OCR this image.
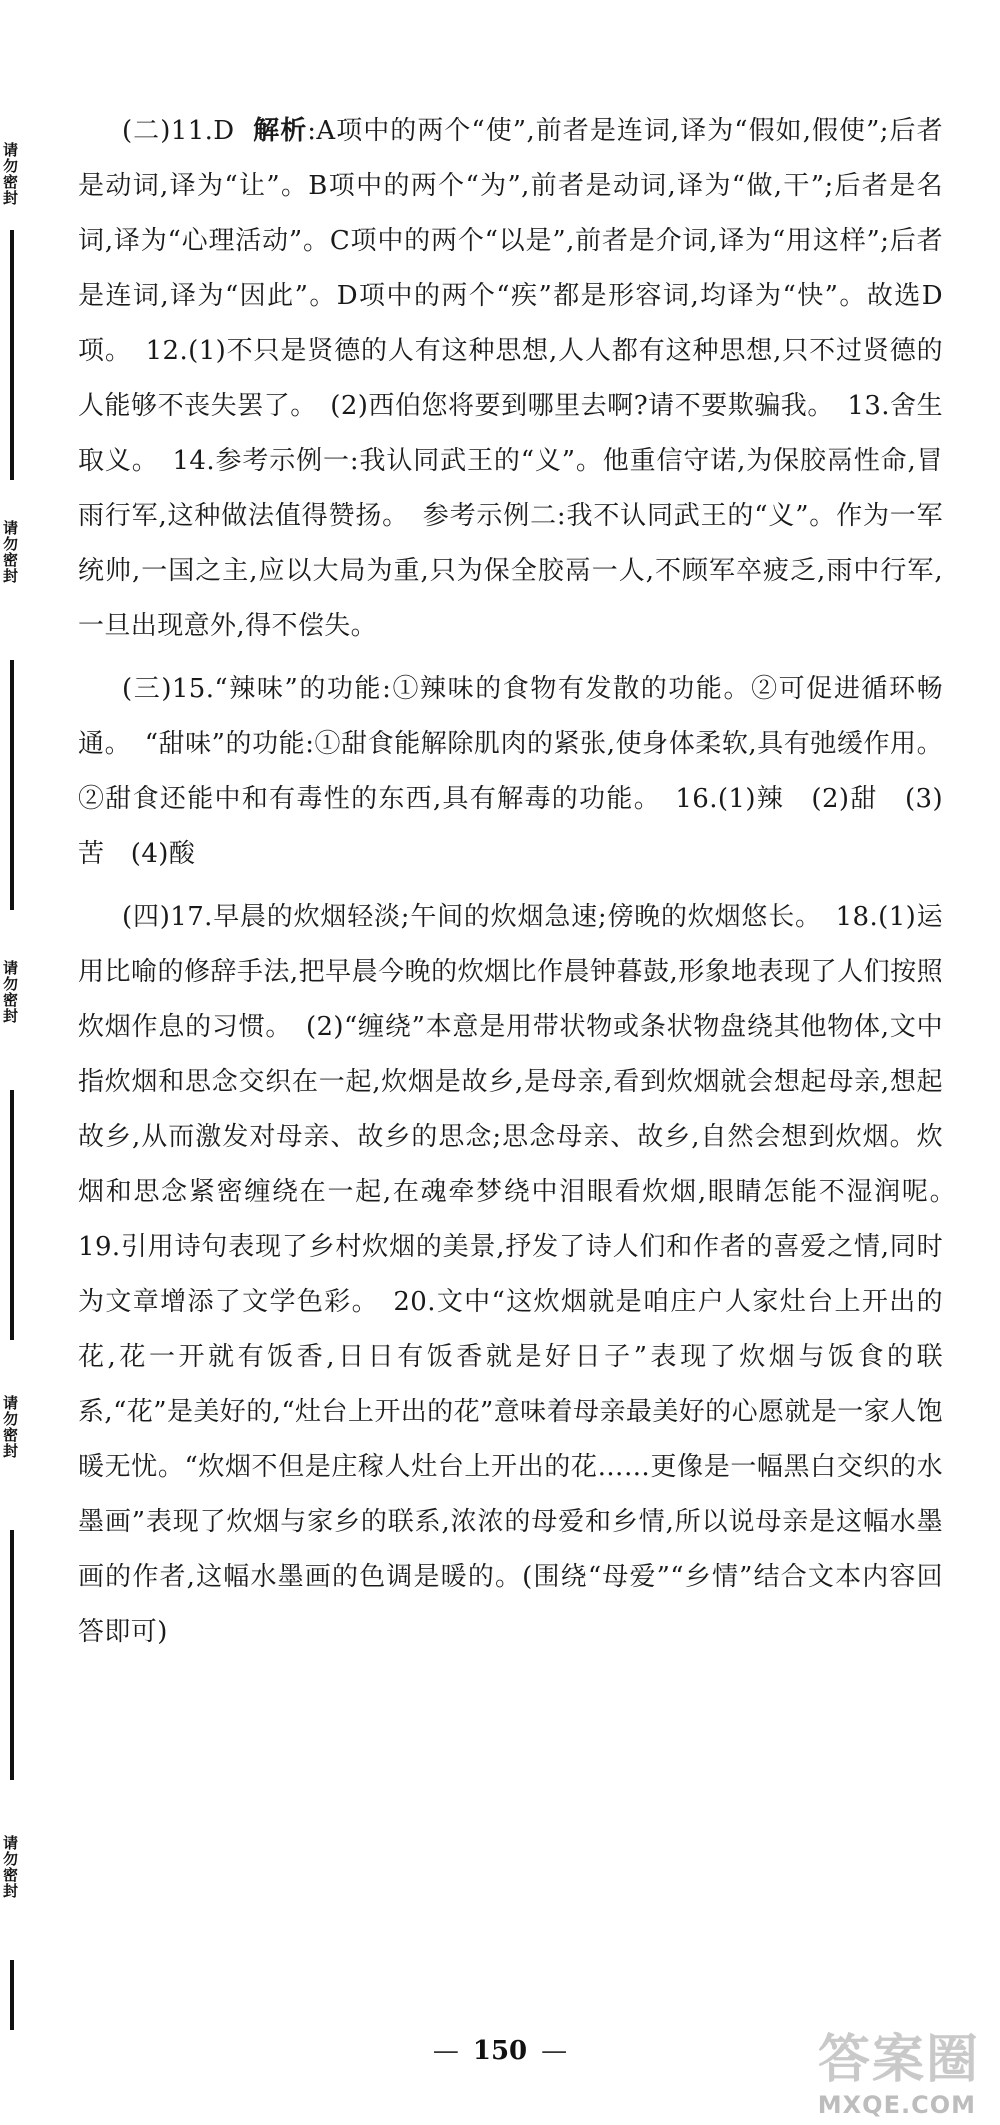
请勿密封
请勿密封
请勿密封
请勿密封
请勿密封

(二)11.D 解析:A项中的两个“使”,前者是连词,译为“假如,假使”;后者是动词,译为“让”。B项中的两个“为”,前者是动词,译为“做,干”;后者是名词,译为“心理活动”。C项中的两个“以是”,前者是介词,译为“用这样”;后者是连词,译为“因此”。D项中的两个“疾”都是形容词,均译为“快”。故选D项。　12.(1)不只是贤德的人有这种思想,人人都有这种思想,只不过贤德的人能够不丧失罢了。　(2)西伯您将要到哪里去啊?请不要欺骗我。　13.舍生取义。　14.参考示例一:我认同武王的“义”。他重信守诺,为保胶鬲性命,冒雨行军,这种做法值得赞扬。　参考示例二:我不认同武王的“义”。作为一军统帅,一国之主,应以大局为重,只为保全胶鬲一人,不顾军卒疲乏,雨中行军,一旦出现意外,得不偿失。

(三)15.“辣味”的功能:①辣味的食物有发散的功能。②可促进循环畅通。　“甜味”的功能:①甜食能解除肌肉的紧张,使身体柔软,具有弛缓作用。②甜食还能中和有毒性的东西,具有解毒的功能。　16.(1)辣　(2)甜　(3)苦　(4)酸

(四)17.早晨的炊烟轻淡;午间的炊烟急速;傍晚的炊烟悠长。　18.(1)运用比喻的修辞手法,把早晨今晚的炊烟比作晨钟暮鼓,形象地表现了人们按照炊烟作息的习惯。　(2)“缠绕”本意是用带状物或条状物盘绕其他物体,文中指炊烟和思念交织在一起,炊烟是故乡,是母亲,看到炊烟就会想起母亲,想起故乡,从而激发对母亲、故乡的思念;思念母亲、故乡,自然会想到炊烟。炊烟和思念紧密缠绕在一起,在魂牵梦绕中泪眼看炊烟,眼睛怎能不湿润呢。　19.引用诗句表现了乡村炊烟的美景,抒发了诗人们和作者的喜爱之情,同时为文章增添了文学色彩。　20.文中“这炊烟就是咱庄户人家灶台上开出的花,花一开就有饭香,日日有饭香就是好日子”表现了炊烟与饭食的联系,“花”是美好的,“灶台上开出的花”意味着母亲最美好的心愿就是一家人饱暖无忧。“炊烟不但是庄稼人灶台上开出的花……更像是一幅黑白交织的水墨画”表现了炊烟与家乡的联系,浓浓的母爱和乡情,所以说母亲是这幅水墨画的作者,这幅水墨画的色调是暖的。(围绕“母爱”“乡情”结合文本内容回答即可)

— 150 —	答案圈
MXQE.COM
